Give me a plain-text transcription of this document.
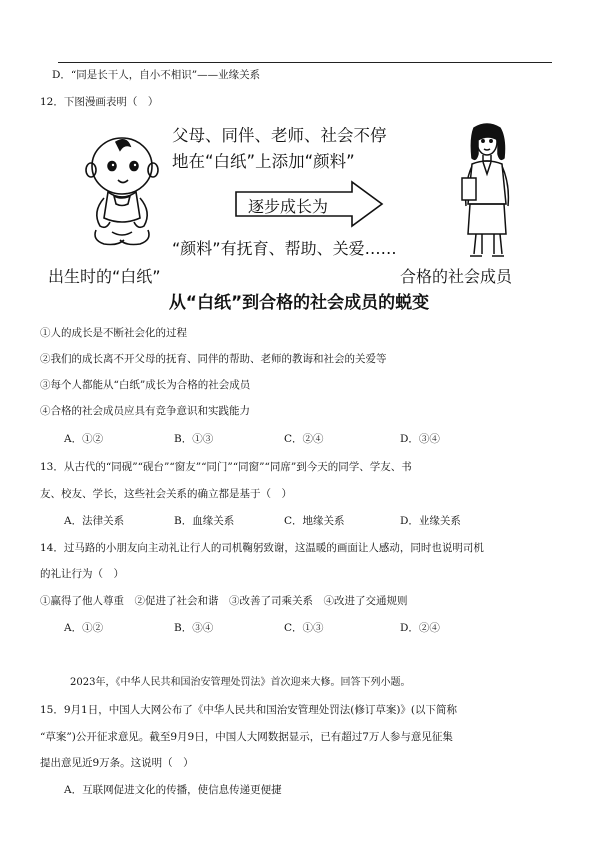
D．“同是长干人，自小不相识”——业缘关系
12．下图漫画表明（　）
父母、同伴、老师、社会不停
地在“白纸”上添加“颜料”
逐步成长为
“颜料”有抚育、帮助、关爱……
出生时的“白纸”	合格的社会成员
从“白纸”到合格的社会成员的蜕变
①人的成长是不断社会化的过程
②我们的成长离不开父母的抚育、同伴的帮助、老师的教诲和社会的关爱等
③每个人都能从“白纸”成长为合格的社会成员
④合格的社会成员应具有竞争意识和实践能力
A．①②	B．①③	C．②④	D．③④
13．从古代的“同砚”“砚台”“窗友”“同门”“同窗”“同席”到今天的同学、学友、书
友、校友、学长，这些社会关系的确立都是基于（　）
A．法律关系	B．血缘关系	C．地缘关系	D．业缘关系
14．过马路的小朋友向主动礼让行人的司机鞠躬致谢，这温暖的画面让人感动，同时也说明司机
的礼让行为（　）
①赢得了他人尊重　②促进了社会和谐　③改善了司乘关系　④改进了交通规则
A．①②	B．③④	C．①③	D．②④
2023年，《中华人民共和国治安管理处罚法》首次迎来大修。回答下列小题。
15．9月1日，中国人大网公布了《中华人民共和国治安管理处罚法(修订草案)》(以下简称
“草案”)公开征求意见。截至9月9日，中国人大网数据显示，已有超过7万人参与意见征集
提出意见近9万条。这说明（　）
A．互联网促进文化的传播，使信息传递更便捷
